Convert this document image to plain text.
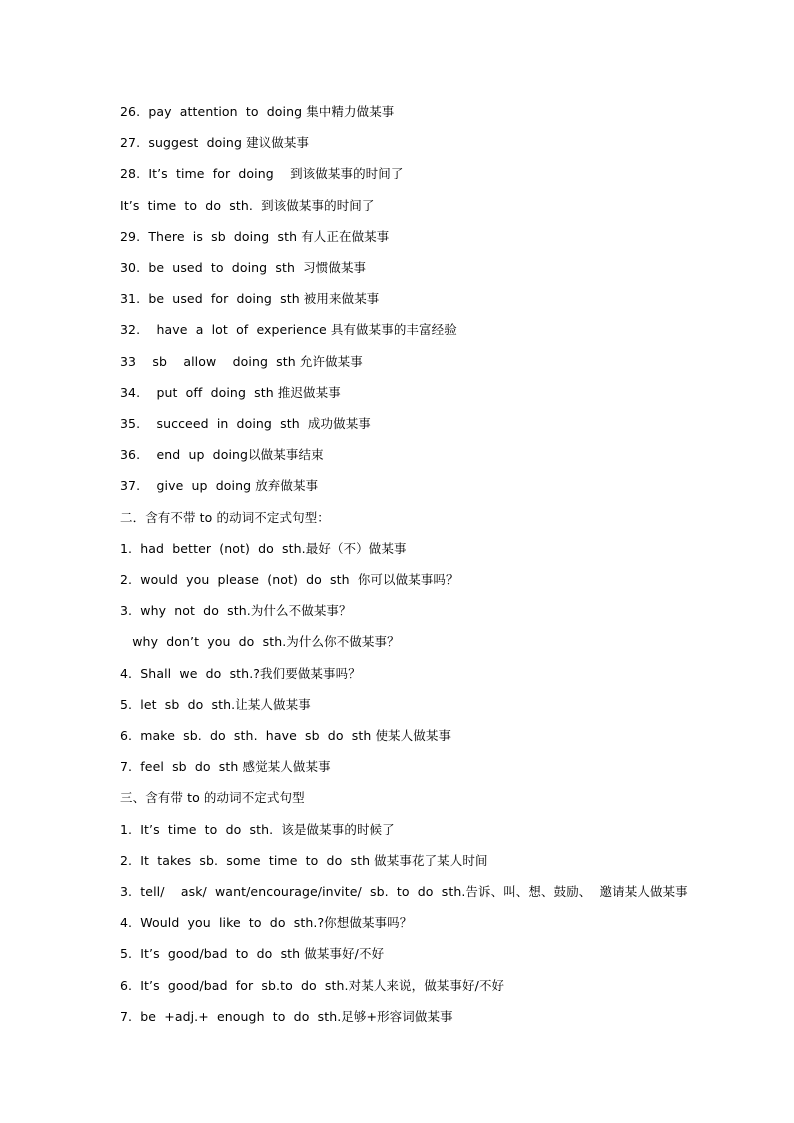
26.  pay  attention  to  doing 集中精力做某事
27.  suggest  doing 建议做某事
28.  It’s  time  for  doing    到该做某事的时间了
It’s  time  to  do  sth.  到该做某事的时间了
29.  There  is  sb  doing  sth 有人正在做某事
30.  be  used  to  doing  sth  习惯做某事
31.  be  used  for  doing  sth 被用来做某事
32.    have  a  lot  of  experience 具有做某事的丰富经验
33    sb    allow    doing  sth 允许做某事
34.    put  off  doing  sth 推迟做某事
35.    succeed  in  doing  sth  成功做某事
36.    end  up  doing以做某事结束
37.    give  up  doing 放弃做某事
二．含有不带 to 的动词不定式句型：
1.  had  better  (not)  do  sth.最好（不）做某事
2.  would  you  please  (not)  do  sth  你可以做某事吗？
3.  why  not  do  sth.为什么不做某事？
why  don’t  you  do  sth.为什么你不做某事？
4.  Shall  we  do  sth.?我们要做某事吗？
5.  let  sb  do  sth.让某人做某事
6.  make  sb.  do  sth.  have  sb  do  sth 使某人做某事
7.  feel  sb  do  sth 感觉某人做某事
三、含有带 to 的动词不定式句型
1.  It’s  time  to  do  sth.  该是做某事的时候了
2.  It  takes  sb.  some  time  to  do  sth 做某事花了某人时间
3.  tell/    ask/  want/encourage/invite/  sb.  to  do  sth.告诉、叫、想、鼓励、  邀请某人做某事
4.  Would  you  like  to  do  sth.?你想做某事吗？
5.  It’s  good/bad  to  do  sth 做某事好/不好
6.  It’s  good/bad  for  sb.to  do  sth.对某人来说，做某事好/不好
7.  be  +adj.+  enough  to  do  sth.足够+形容词做某事
